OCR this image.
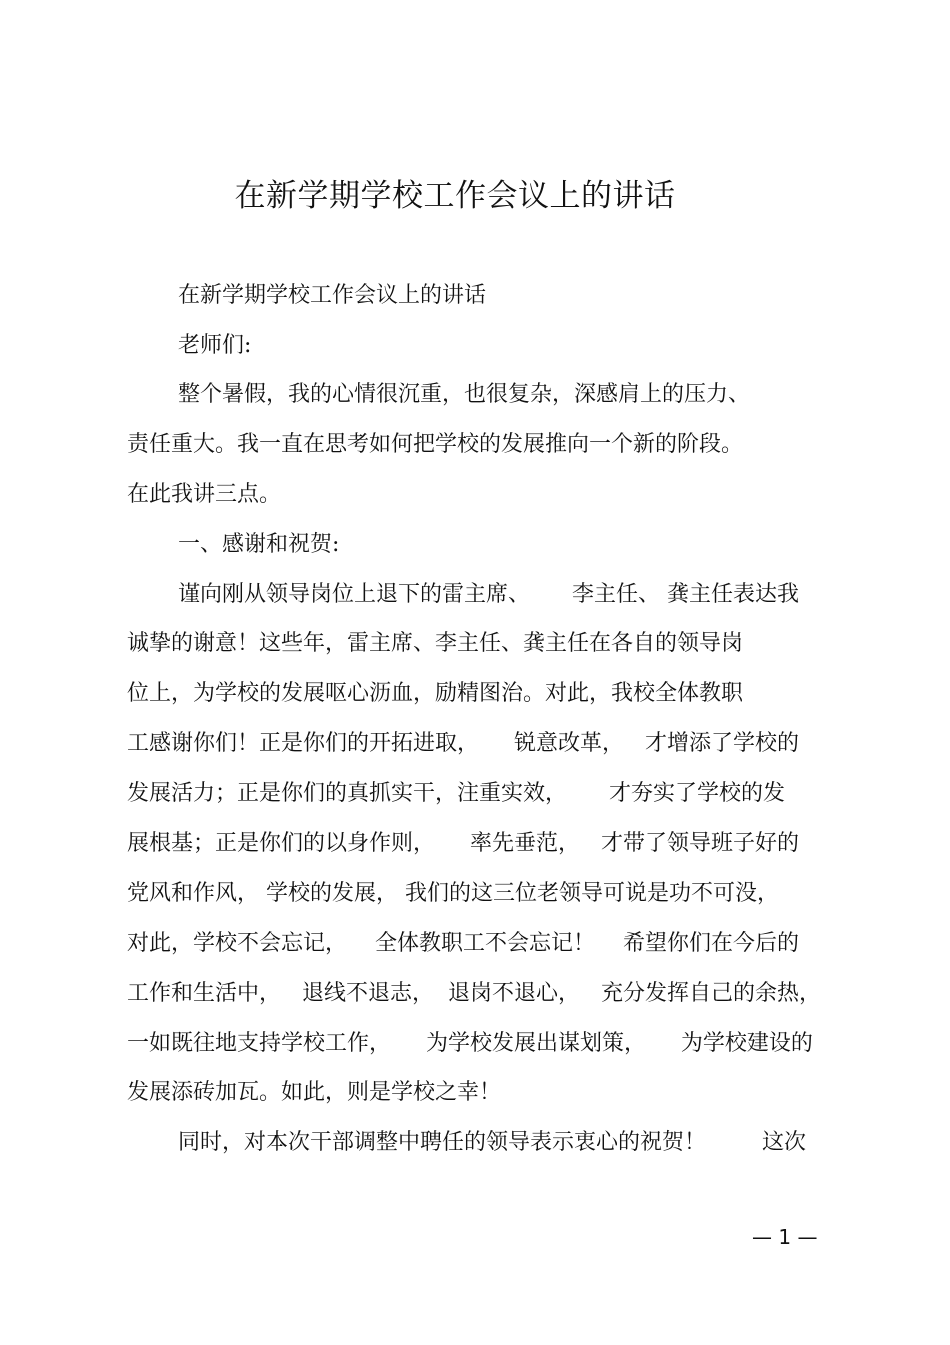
在新学期学校工作会议上的讲话
在新学期学校工作会议上的讲话
老师们:
整个暑假，我的心情很沉重，也很复杂，深感肩上的压力、
责任重大。我一直在思考如何把学校的发展推向一个新的阶段。
在此我讲三点。
一、感谢和祝贺:
谨向刚从领导岗位上退下的雷主席、      李主任、 龚主任表达我
诚挚的谢意！这些年，雷主席、李主任、龚主任在各自的领导岗
位上，为学校的发展呕心沥血，励精图治。对此，我校全体教职
工感谢你们！正是你们的开拓进取，     锐意改革，   才增添了学校的
发展活力；正是你们的真抓实干，注重实效，      才夯实了学校的发
展根基；正是你们的以身作则，     率先垂范，   才带了领导班子好的
党风和作风， 学校的发展， 我们的这三位老领导可说是功不可没，
对此，学校不会忘记，    全体教职工不会忘记！    希望你们在今后的
工作和生活中，   退线不退志，  退岗不退心，   充分发挥自己的余热，
一如既往地支持学校工作，     为学校发展出谋划策，     为学校建设的
发展添砖加瓦。如此，则是学校之幸！
同时，对本次干部调整中聘任的领导表示衷心的祝贺！        这次
— 1 —
